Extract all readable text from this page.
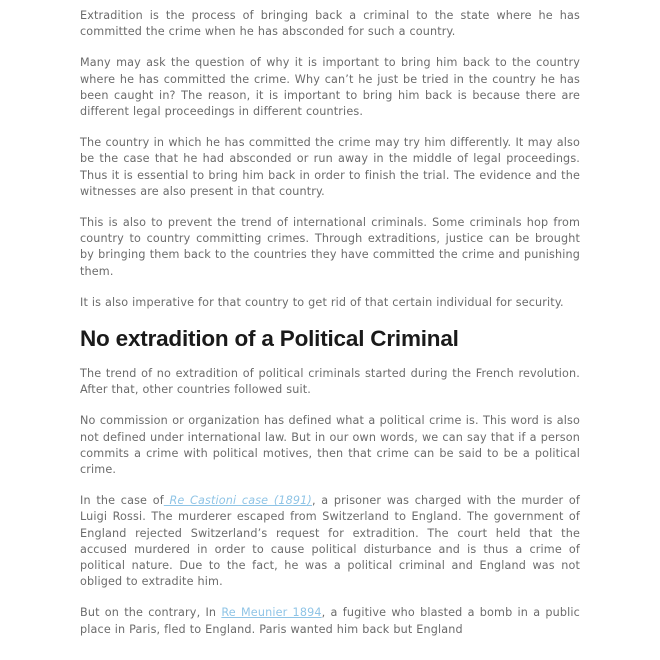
Extradition is the process of bringing back a criminal to the state where he has committed the crime when he has absconded for such a country.

Many may ask the question of why it is important to bring him back to the country where he has committed the crime. Why can’t he just be tried in the country he has been caught in? The reason, it is important to bring him back is because there are different legal proceedings in different countries.

The country in which he has committed the crime may try him differently. It may also be the case that he had absconded or run away in the middle of legal proceedings. Thus it is essential to bring him back in order to finish the trial. The evidence and the witnesses are also present in that country.

This is also to prevent the trend of international criminals. Some criminals hop from country to country committing crimes. Through extraditions, justice can be brought by bringing them back to the countries they have committed the crime and punishing them.

It is also imperative for that country to get rid of that certain individual for security.

No extradition of a Political Criminal

The trend of no extradition of political criminals started during the French revolution. After that, other countries followed suit.

No commission or organization has defined what a political crime is. This word is also not defined under international law. But in our own words, we can say that if a person commits a crime with political motives, then that crime can be said to be a political crime.

In the case of Re Castioni case (1891), a prisoner was charged with the murder of Luigi Rossi. The murderer escaped from Switzerland to England. The government of England rejected Switzerland’s request for extradition. The court held that the accused murdered in order to cause political disturbance and is thus a crime of political nature. Due to the fact, he was a political criminal and England was not obliged to extradite him.

But on the contrary, In Re Meunier 1894, a fugitive who blasted a bomb in a public place in Paris, fled to England. Paris wanted him back but England
